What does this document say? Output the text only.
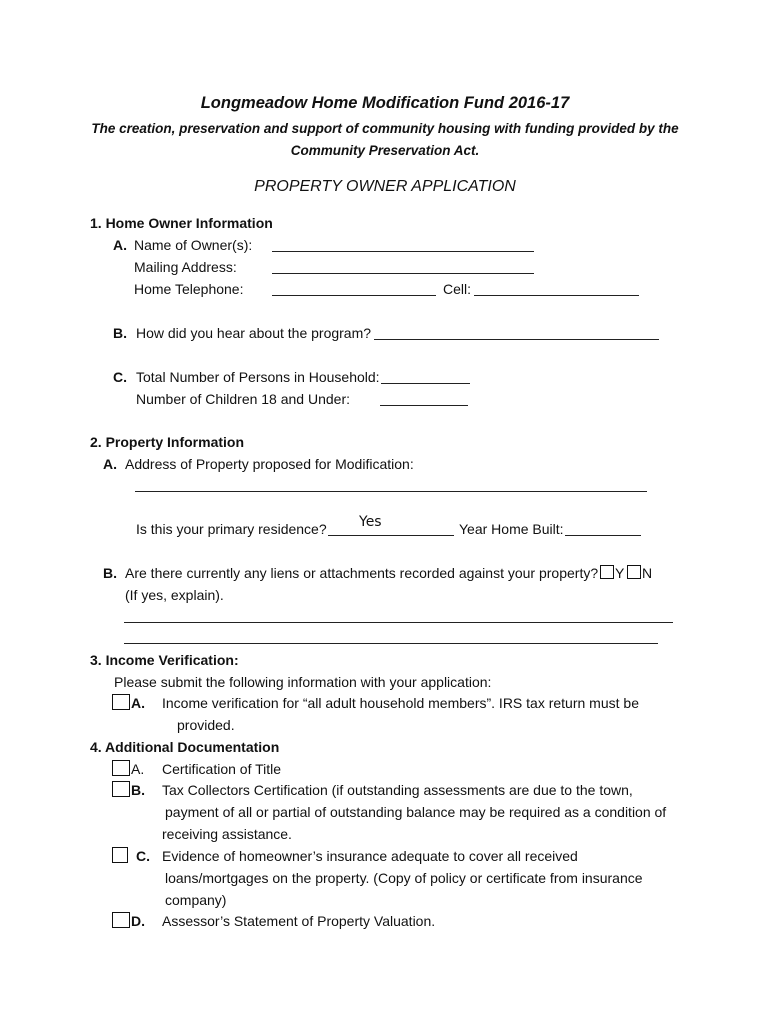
Longmeadow Home Modification Fund 2016-17
The creation, preservation and support of community housing with funding provided by the
Community Preservation Act.
PROPERTY OWNER APPLICATION
1. Home Owner Information
A. Name of Owner(s):
Mailing Address:
Home Telephone:	Cell:
B. How did you hear about the program?
C. Total Number of Persons in Household:
Number of Children 18 and Under:
2. Property Information
A. Address of Property proposed for Modification:
Is this your primary residence? Yes	Year Home Built:
B. Are there currently any liens or attachments recorded against your property? Y N
(If yes, explain).
3. Income Verification:
Please submit the following information with your application:
A. Income verification for “all adult household members”. IRS tax return must be
provided.
4. Additional Documentation
A. Certification of Title
B. Tax Collectors Certification (if outstanding assessments are due to the town,
payment of all or partial of outstanding balance may be required as a condition of
receiving assistance.
C. Evidence of homeowner’s insurance adequate to cover all received
loans/mortgages on the property. (Copy of policy or certificate from insurance
company)
D. Assessor’s Statement of Property Valuation.
